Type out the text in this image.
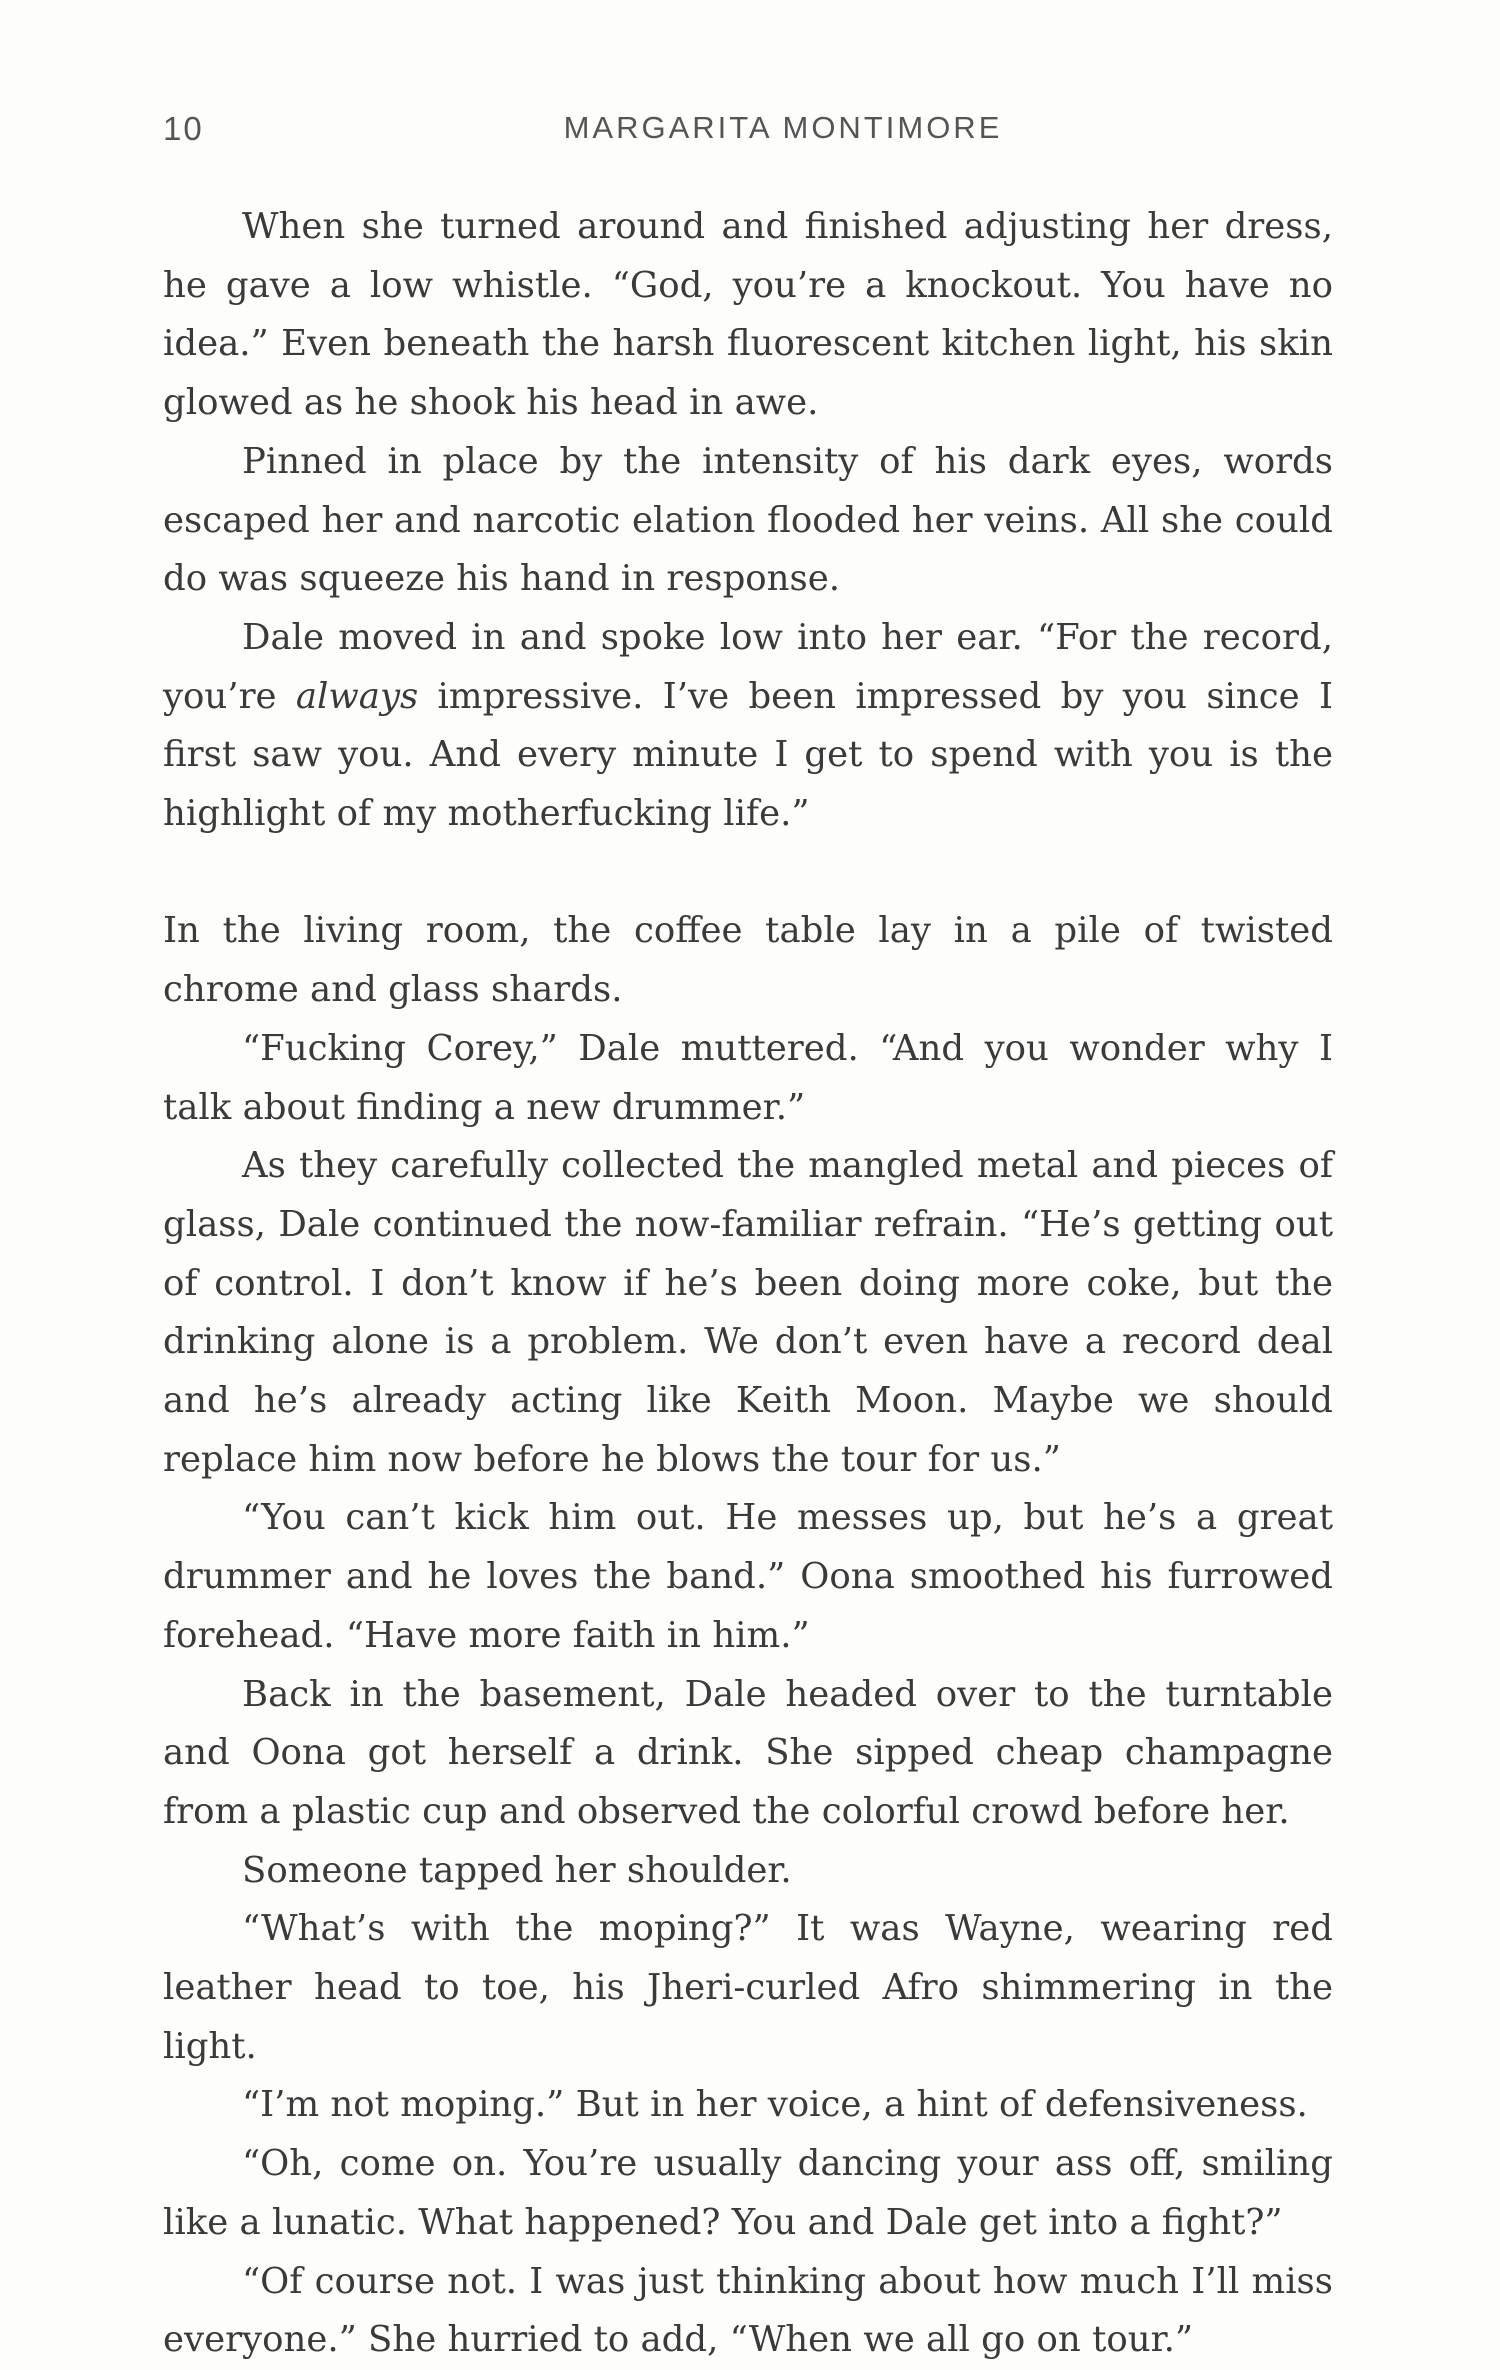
10	MARGARITA MONTIMORE

When she turned around and finished adjusting her dress, he gave a low whistle. “God, you’re a knockout. You have no idea.” Even beneath the harsh fluorescent kitchen light, his skin glowed as he shook his head in awe.

Pinned in place by the intensity of his dark eyes, words escaped her and narcotic elation flooded her veins. All she could do was squeeze his hand in response.

Dale moved in and spoke low into her ear. “For the record, you’re always impressive. I’ve been impressed by you since I first saw you. And every minute I get to spend with you is the highlight of my motherfucking life.”

In the living room, the coffee table lay in a pile of twisted chrome and glass shards.

“Fucking Corey,” Dale muttered. “And you wonder why I talk about finding a new drummer.”

As they carefully collected the mangled metal and pieces of glass, Dale continued the now-familiar refrain. “He’s getting out of control. I don’t know if he’s been doing more coke, but the drinking alone is a problem. We don’t even have a record deal and he’s already acting like Keith Moon. Maybe we should replace him now before he blows the tour for us.”

“You can’t kick him out. He messes up, but he’s a great drummer and he loves the band.” Oona smoothed his furrowed forehead. “Have more faith in him.”

Back in the basement, Dale headed over to the turntable and Oona got herself a drink. She sipped cheap champagne from a plastic cup and observed the colorful crowd before her.

Someone tapped her shoulder.

“What’s with the moping?” It was Wayne, wearing red leather head to toe, his Jheri-curled Afro shimmering in the light.

“I’m not moping.” But in her voice, a hint of defensiveness.

“Oh, come on. You’re usually dancing your ass off, smiling like a lunatic. What happened? You and Dale get into a fight?”

“Of course not. I was just thinking about how much I’ll miss everyone.” She hurried to add, “When we all go on tour.”
